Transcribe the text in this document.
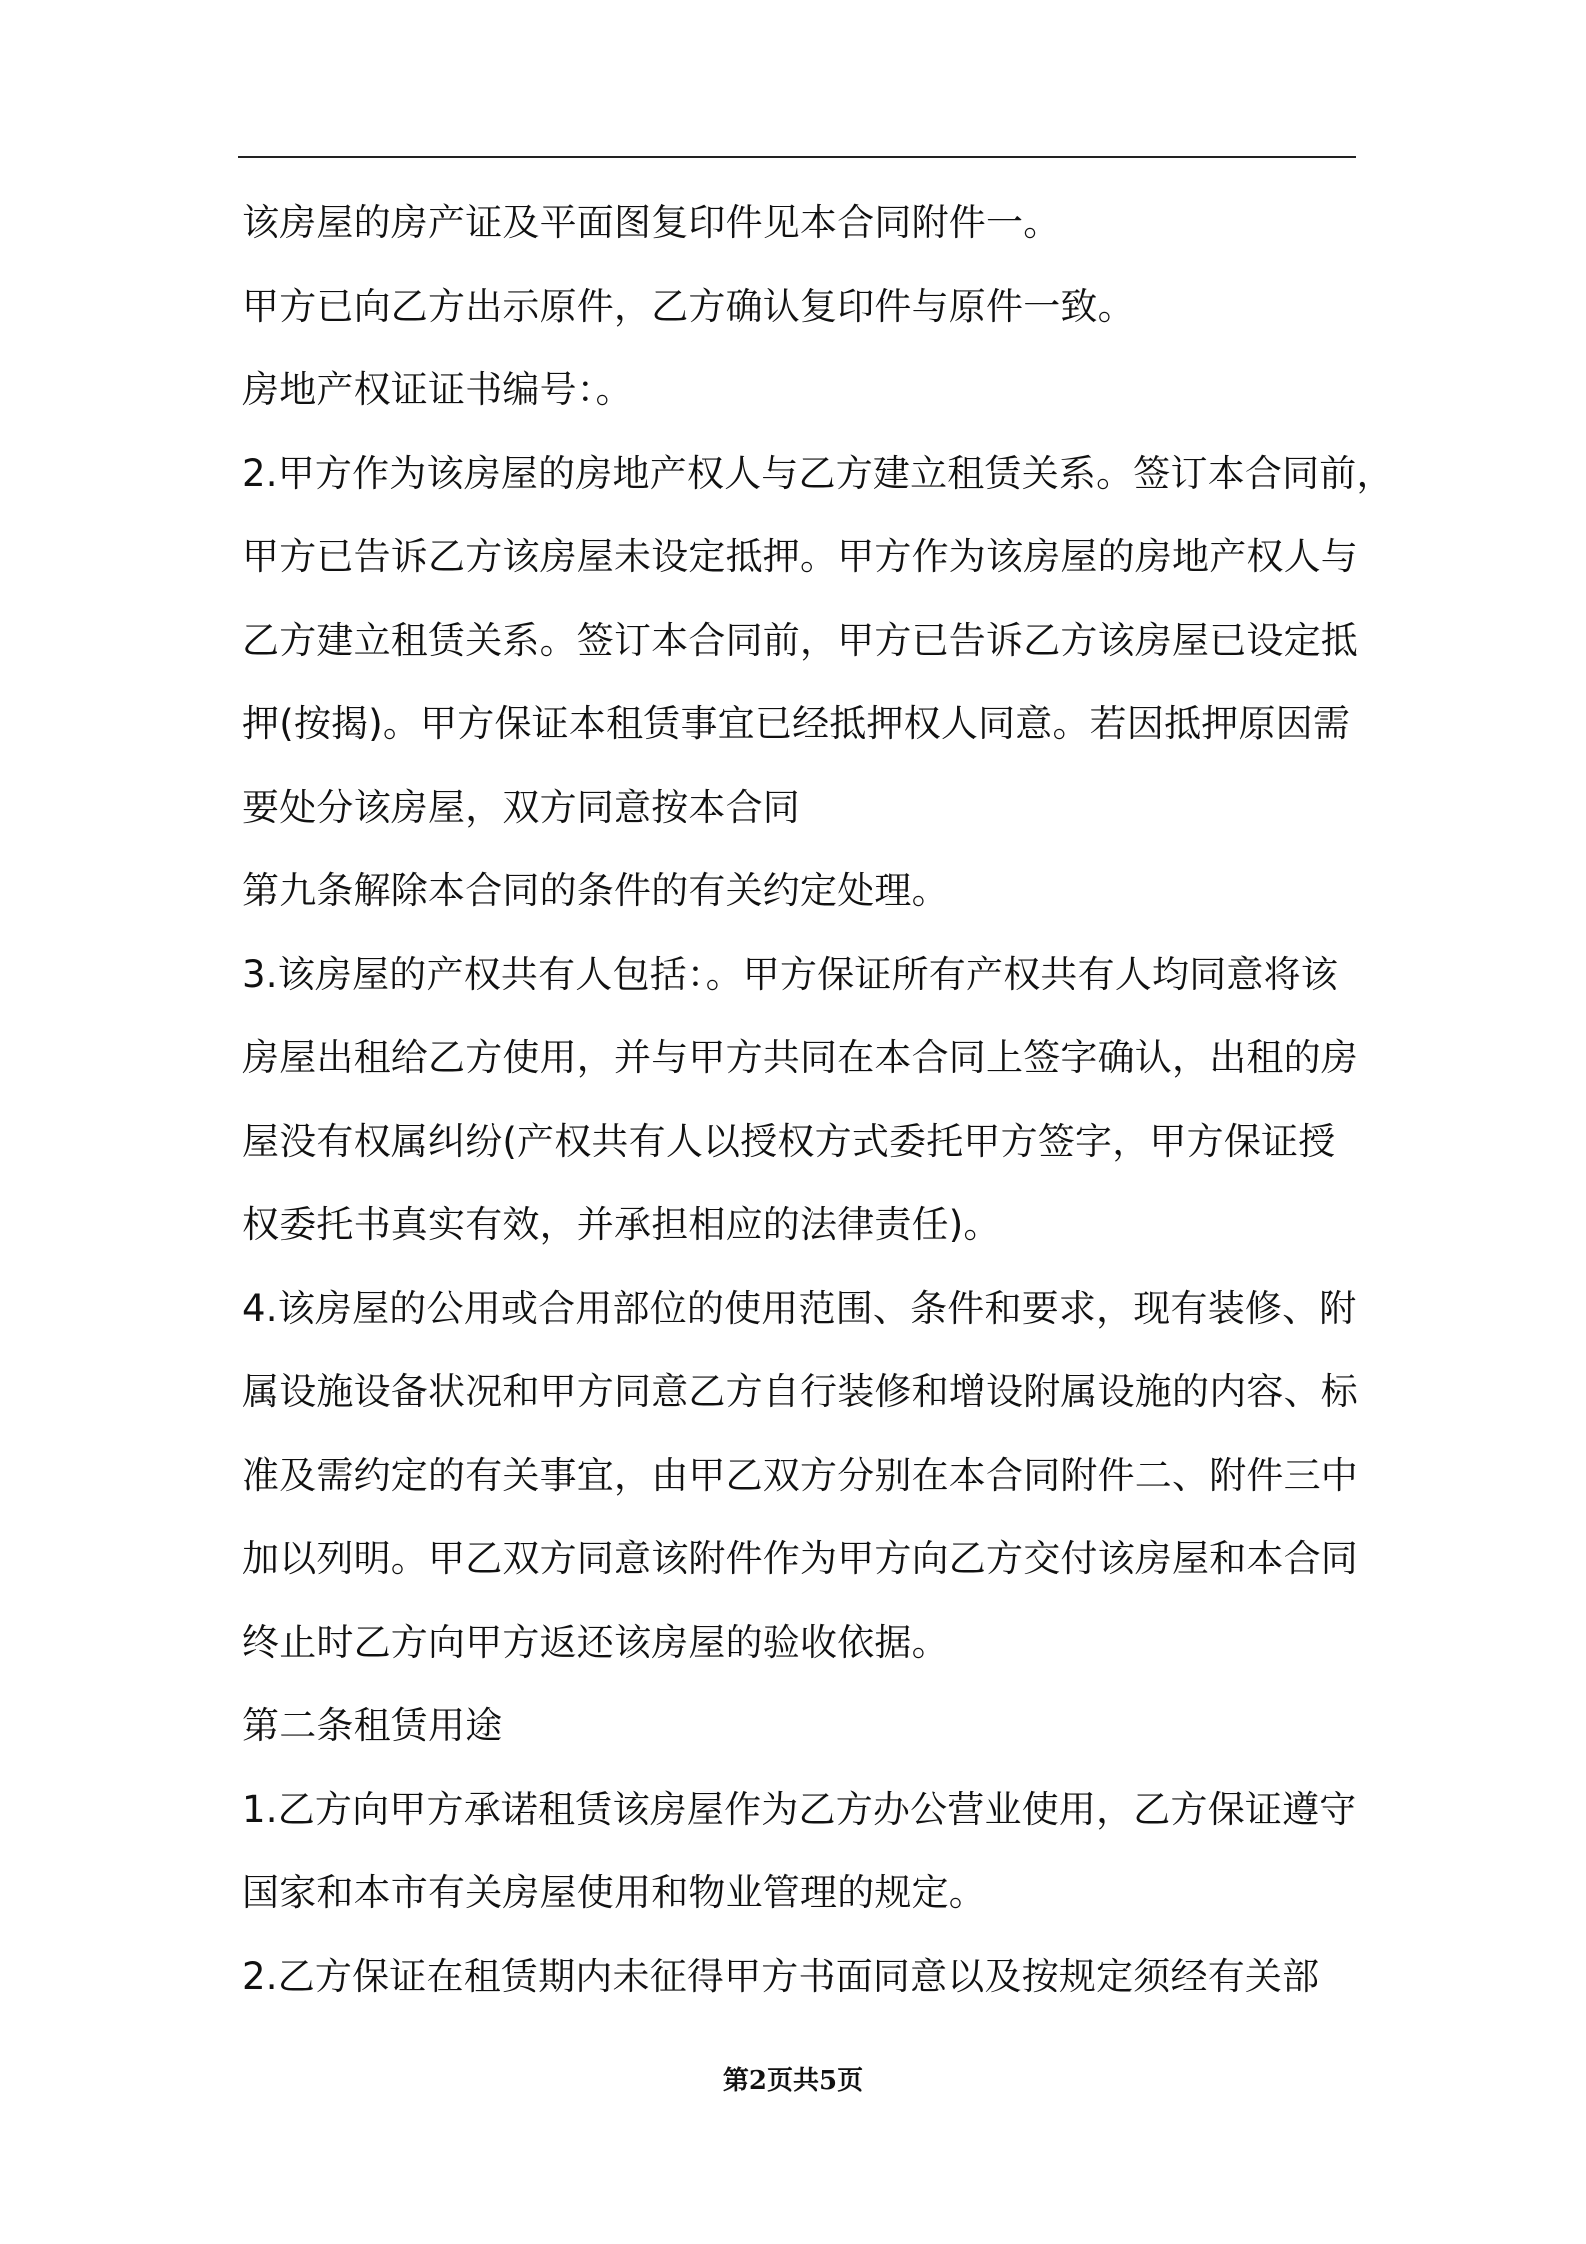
该房屋的房产证及平面图复印件见本合同附件一。
甲方已向乙方出示原件，乙方确认复印件与原件一致。
房地产权证证书编号：。
2.甲方作为该房屋的房地产权人与乙方建立租赁关系。签订本合同前，
甲方已告诉乙方该房屋未设定抵押。甲方作为该房屋的房地产权人与
乙方建立租赁关系。签订本合同前，甲方已告诉乙方该房屋已设定抵
押(按揭)。甲方保证本租赁事宜已经抵押权人同意。若因抵押原因需
要处分该房屋，双方同意按本合同
第九条解除本合同的条件的有关约定处理。
3.该房屋的产权共有人包括：。甲方保证所有产权共有人均同意将该
房屋出租给乙方使用，并与甲方共同在本合同上签字确认，出租的房
屋没有权属纠纷(产权共有人以授权方式委托甲方签字，甲方保证授
权委托书真实有效，并承担相应的法律责任)。
4.该房屋的公用或合用部位的使用范围、条件和要求，现有装修、附
属设施设备状况和甲方同意乙方自行装修和增设附属设施的内容、标
准及需约定的有关事宜，由甲乙双方分别在本合同附件二、附件三中
加以列明。甲乙双方同意该附件作为甲方向乙方交付该房屋和本合同
终止时乙方向甲方返还该房屋的验收依据。
第二条租赁用途
1.乙方向甲方承诺租赁该房屋作为乙方办公营业使用，乙方保证遵守
国家和本市有关房屋使用和物业管理的规定。
2.乙方保证在租赁期内未征得甲方书面同意以及按规定须经有关部
第2页共5页
